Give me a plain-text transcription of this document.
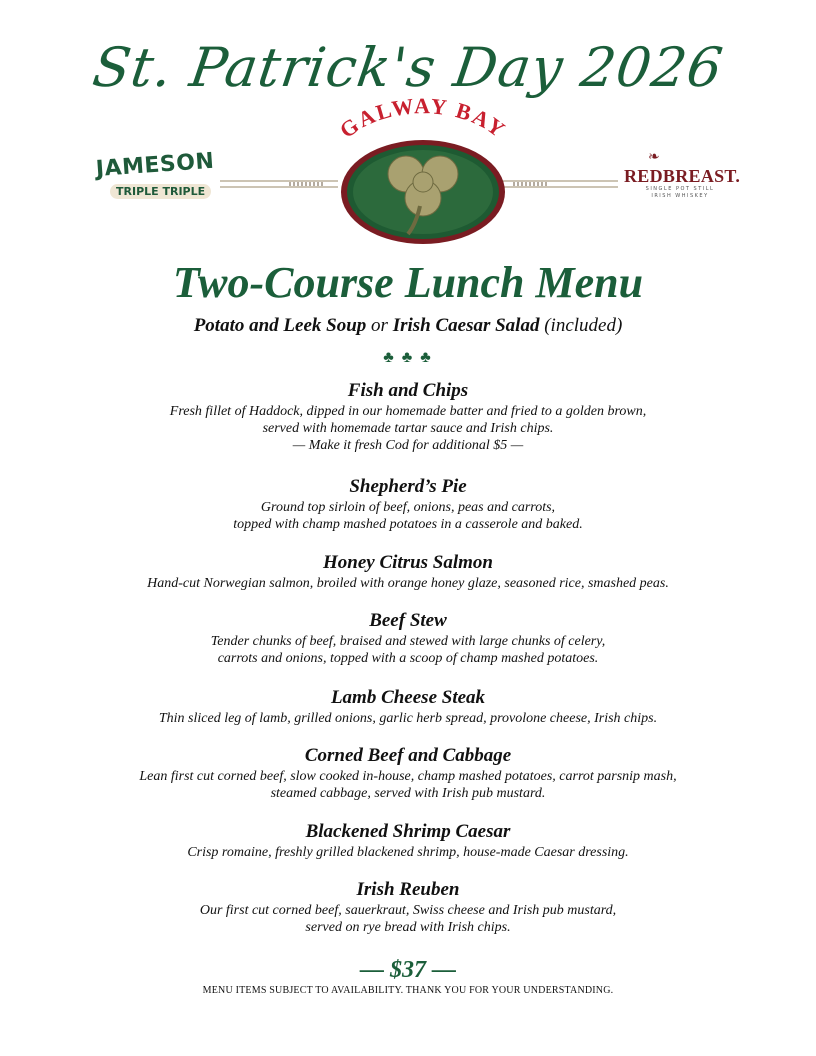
St. Patrick's Day 2026
JAMESON
TRIPLE TRIPLE
GALWAY BAY
❧
REDBREAST.
SINGLE POT STILL IRISH WHISKEY
Two-Course Lunch Menu
Potato and Leek Soup or Irish Caesar Salad (included)
♣ ♣ ♣
Fish and Chips
Fresh fillet of Haddock, dipped in our homemade batter and fried to a golden brown,
served with homemade tartar sauce and Irish chips.
— Make it fresh Cod for additional $5 —
Shepherd’s Pie
Ground top sirloin of beef, onions, peas and carrots,
topped with champ mashed potatoes in a casserole and baked.
Honey Citrus Salmon
Hand-cut Norwegian salmon, broiled with orange honey glaze, seasoned rice, smashed peas.
Beef Stew
Tender chunks of beef, braised and stewed with large chunks of celery,
carrots and onions, topped with a scoop of champ mashed potatoes.
Lamb Cheese Steak
Thin sliced leg of lamb, grilled onions, garlic herb spread, provolone cheese, Irish chips.
Corned Beef and Cabbage
Lean first cut corned beef, slow cooked in-house, champ mashed potatoes, carrot parsnip mash,
steamed cabbage, served with Irish pub mustard.
Blackened Shrimp Caesar
Crisp romaine, freshly grilled blackened shrimp, house-made Caesar dressing.
Irish Reuben
Our first cut corned beef, sauerkraut, Swiss cheese and Irish pub mustard,
served on rye bread with Irish chips.
— $37 —
MENU ITEMS SUBJECT TO AVAILABILITY. THANK YOU FOR YOUR UNDERSTANDING.
